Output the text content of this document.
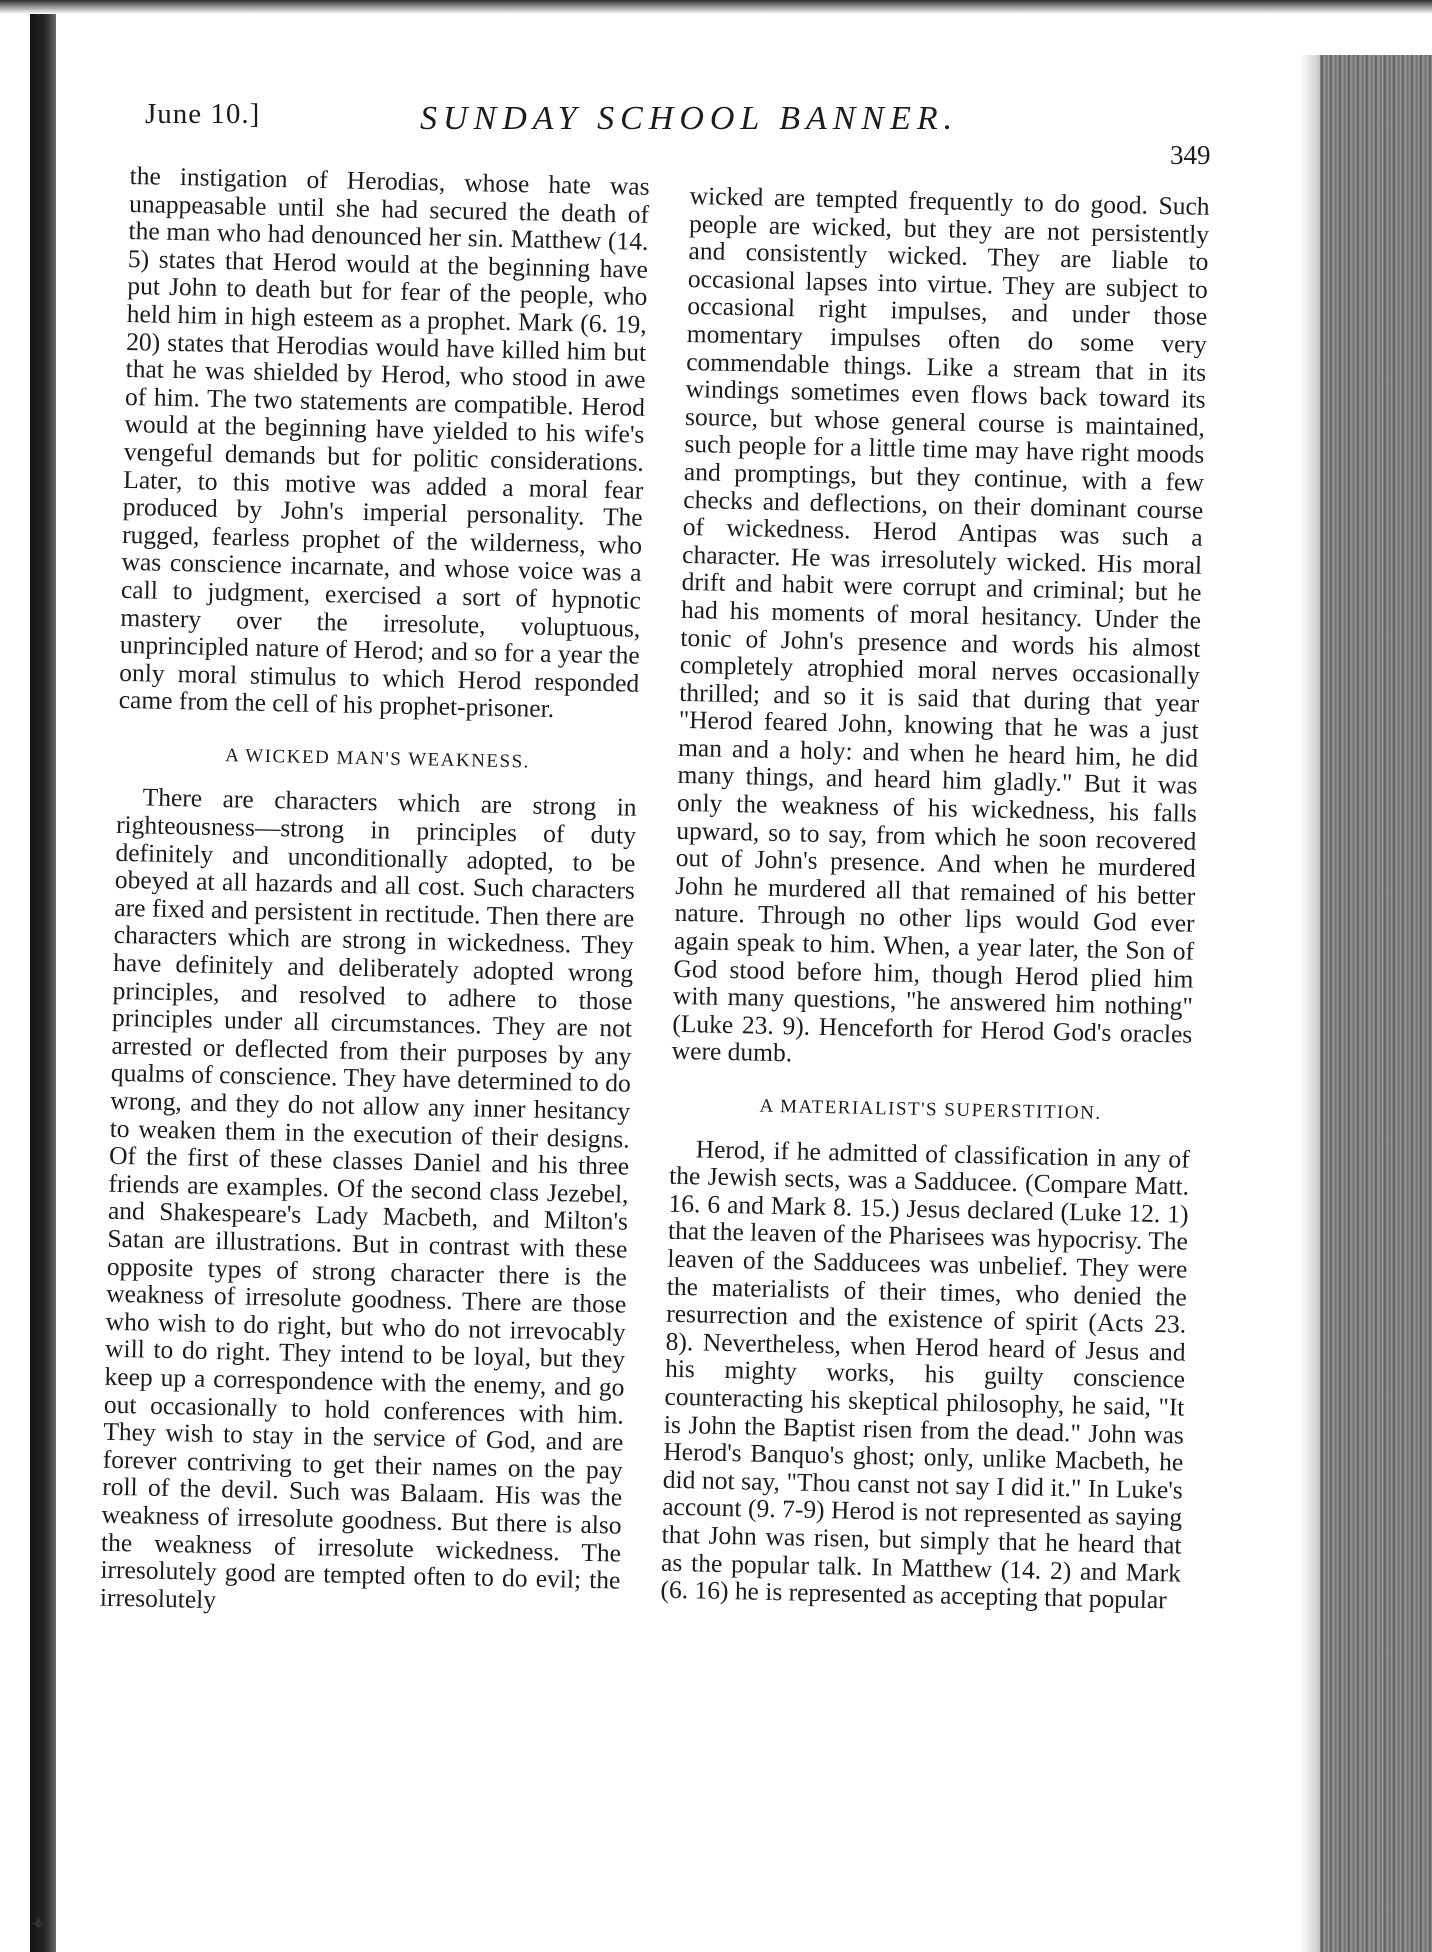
June 10.]	SUNDAY SCHOOL BANNER.
349

the instigation of Herodias, whose hate was unappeasable until she had secured the death of the man who had denounced her sin. Matthew (14. 5) states that Herod would at the beginning have put John to death but for fear of the people, who held him in high esteem as a prophet. Mark (6. 19, 20) states that Herodias would have killed him but that he was shielded by Herod, who stood in awe of him. The two statements are compatible. Herod would at the beginning have yielded to his wife's vengeful demands but for politic considerations. Later, to this motive was added a moral fear produced by John's imperial personality. The rugged, fearless prophet of the wilderness, who was conscience incarnate, and whose voice was a call to judgment, exercised a sort of hypnotic mastery over the irresolute, voluptuous, unprincipled nature of Herod; and so for a year the only moral stimulus to which Herod responded came from the cell of his prophet-prisoner.

A WICKED MAN'S WEAKNESS.

There are characters which are strong in righteousness—strong in principles of duty definitely and unconditionally adopted, to be obeyed at all hazards and all cost. Such characters are fixed and persistent in rectitude. Then there are characters which are strong in wickedness. They have definitely and deliberately adopted wrong principles, and resolved to adhere to those principles under all circumstances. They are not arrested or deflected from their purposes by any qualms of conscience. They have determined to do wrong, and they do not allow any inner hesitancy to weaken them in the execution of their designs. Of the first of these classes Daniel and his three friends are examples. Of the second class Jezebel, and Shakespeare's Lady Macbeth, and Milton's Satan are illustrations. But in contrast with these opposite types of strong character there is the weakness of irresolute goodness. There are those who wish to do right, but who do not irrevocably will to do right. They intend to be loyal, but they keep up a correspondence with the enemy, and go out occasionally to hold conferences with him. They wish to stay in the service of God, and are forever contriving to get their names on the pay roll of the devil. Such was Balaam. His was the weakness of irresolute goodness. But there is also the weakness of irresolute wickedness. The irresolutely good are tempted often to do evil; the irresolutely

wicked are tempted frequently to do good. Such people are wicked, but they are not persistently and consistently wicked. They are liable to occasional lapses into virtue. They are subject to occasional right impulses, and under those momentary impulses often do some very commendable things. Like a stream that in its windings sometimes even flows back toward its source, but whose general course is maintained, such people for a little time may have right moods and promptings, but they continue, with a few checks and deflections, on their dominant course of wickedness. Herod Antipas was such a character. He was irresolutely wicked. His moral drift and habit were corrupt and criminal; but he had his moments of moral hesitancy. Under the tonic of John's presence and words his almost completely atrophied moral nerves occasionally thrilled; and so it is said that during that year "Herod feared John, knowing that he was a just man and a holy: and when he heard him, he did many things, and heard him gladly." But it was only the weakness of his wickedness, his falls upward, so to say, from which he soon recovered out of John's presence. And when he murdered John he murdered all that remained of his better nature. Through no other lips would God ever again speak to him. When, a year later, the Son of God stood before him, though Herod plied him with many questions, "he answered him nothing" (Luke 23. 9). Henceforth for Herod God's oracles were dumb.

A MATERIALIST'S SUPERSTITION.

Herod, if he admitted of classification in any of the Jewish sects, was a Sadducee. (Compare Matt. 16. 6 and Mark 8. 15.) Jesus declared (Luke 12. 1) that the leaven of the Pharisees was hypocrisy. The leaven of the Sadducees was unbelief. They were the materialists of their times, who denied the resurrection and the existence of spirit (Acts 23. 8). Nevertheless, when Herod heard of Jesus and his mighty works, his guilty conscience counteracting his skeptical philosophy, he said, "It is John the Baptist risen from the dead." John was Herod's Banquo's ghost; only, unlike Macbeth, he did not say, "Thou canst not say I did it." In Luke's account (9. 7-9) Herod is not represented as saying that John was risen, but simply that he heard that as the popular talk. In Matthew (14. 2) and Mark (6. 16) he is represented as accepting that popular

✦
